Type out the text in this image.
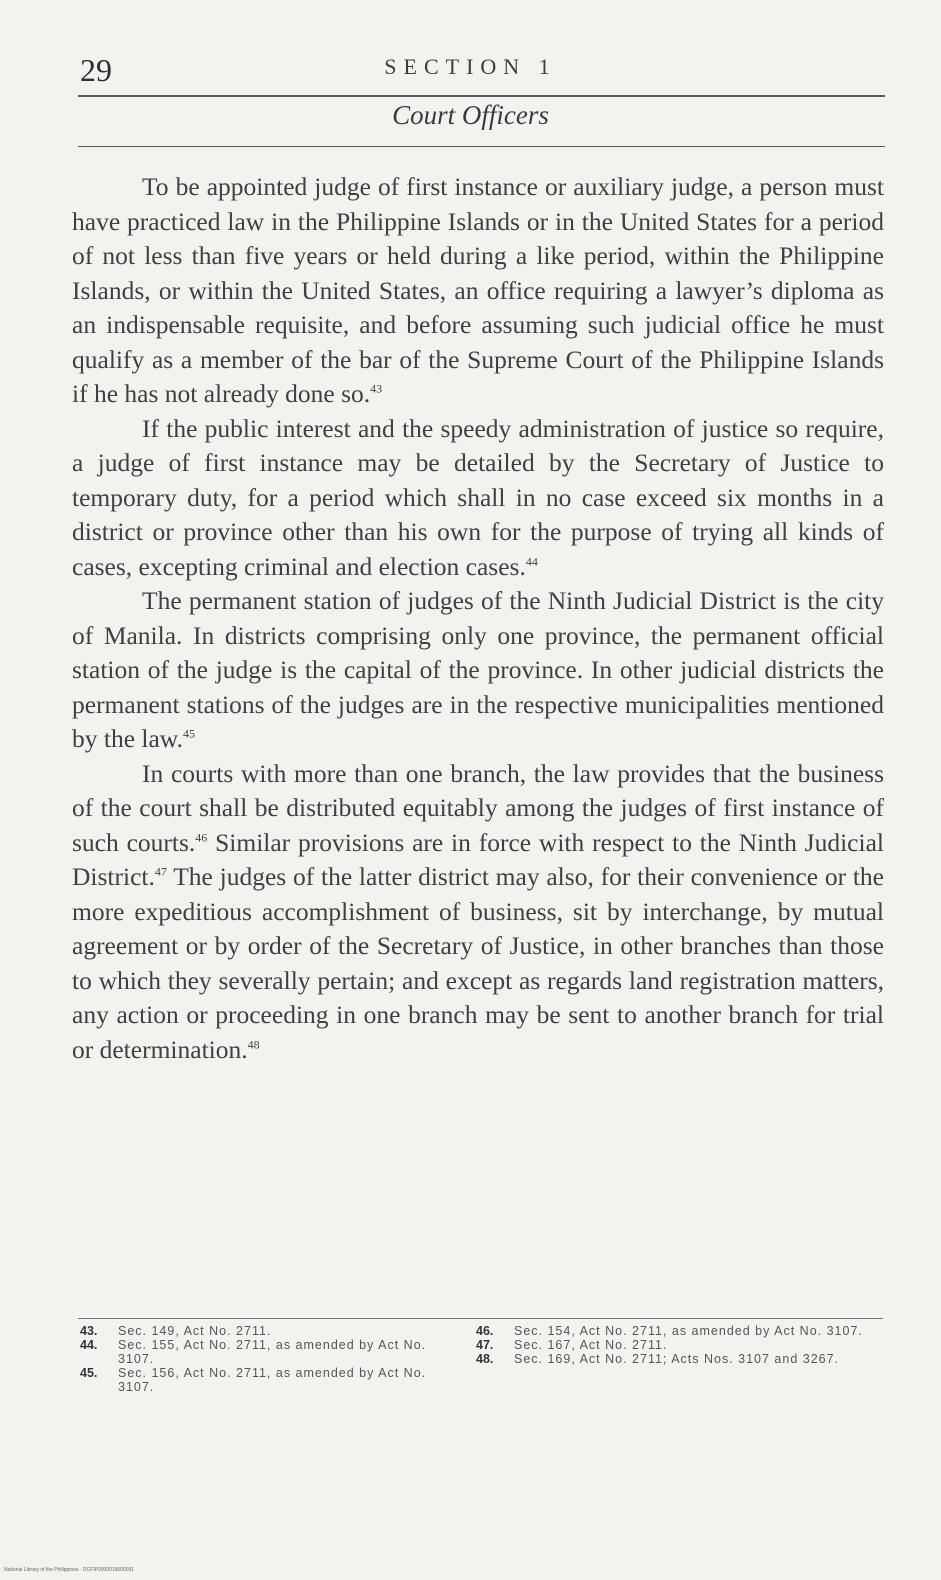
29	SECTION 1
Court Officers

To be appointed judge of first instance or auxiliary judge, a person must have practiced law in the Philippine Islands or in the United States for a period of not less than five years or held during a like period, within the Philippine Islands, or within the United States, an office requiring a lawyer’s diploma as an indispensable requisite, and before assuming such judicial office he must qualify as a member of the bar of the Supreme Court of the Philippine Islands if he has not already done so.$^{43}$

If the public interest and the speedy administration of justice so require, a judge of first instance may be detailed by the Secretary of Justice to temporary duty, for a period which shall in no case exceed six months in a district or province other than his own for the purpose of trying all kinds of cases, excepting criminal and election cases.$^{44}$

The permanent station of judges of the Ninth Judicial District is the city of Manila. In districts comprising only one province, the permanent official station of the judge is the capital of the province. In other judicial districts the permanent stations of the judges are in the respective municipalities mentioned by the law.$^{45}$

In courts with more than one branch, the law provides that the business of the court shall be distributed equitably among the judges of first instance of such courts.$^{46}$ Similar provisions are in force with respect to the Ninth Judicial District.$^{47}$ The judges of the latter district may also, for their convenience or the more expeditious accomplishment of business, sit by interchange, by mutual agreement or by order of the Secretary of Justice, in other branches than those to which they severally pertain; and except as regards land registration matters, any action or proceeding in one branch may be sent to another branch for trial or determination.$^{48}$

43. Sec. 149, Act No. 2711.

44. Sec. 155, Act No. 2711, as amended by Act No. 3107.

45. Sec. 156, Act No. 2711, as amended by Act No. 3107.

46. Sec. 154, Act No. 2711, as amended by Act No. 3107.

47. Sec. 167, Act No. 2711.

48. Sec. 169, Act No. 2711; Acts Nos. 3107 and 3267.

National Library of the Philippines · DCFIP0000019600091
